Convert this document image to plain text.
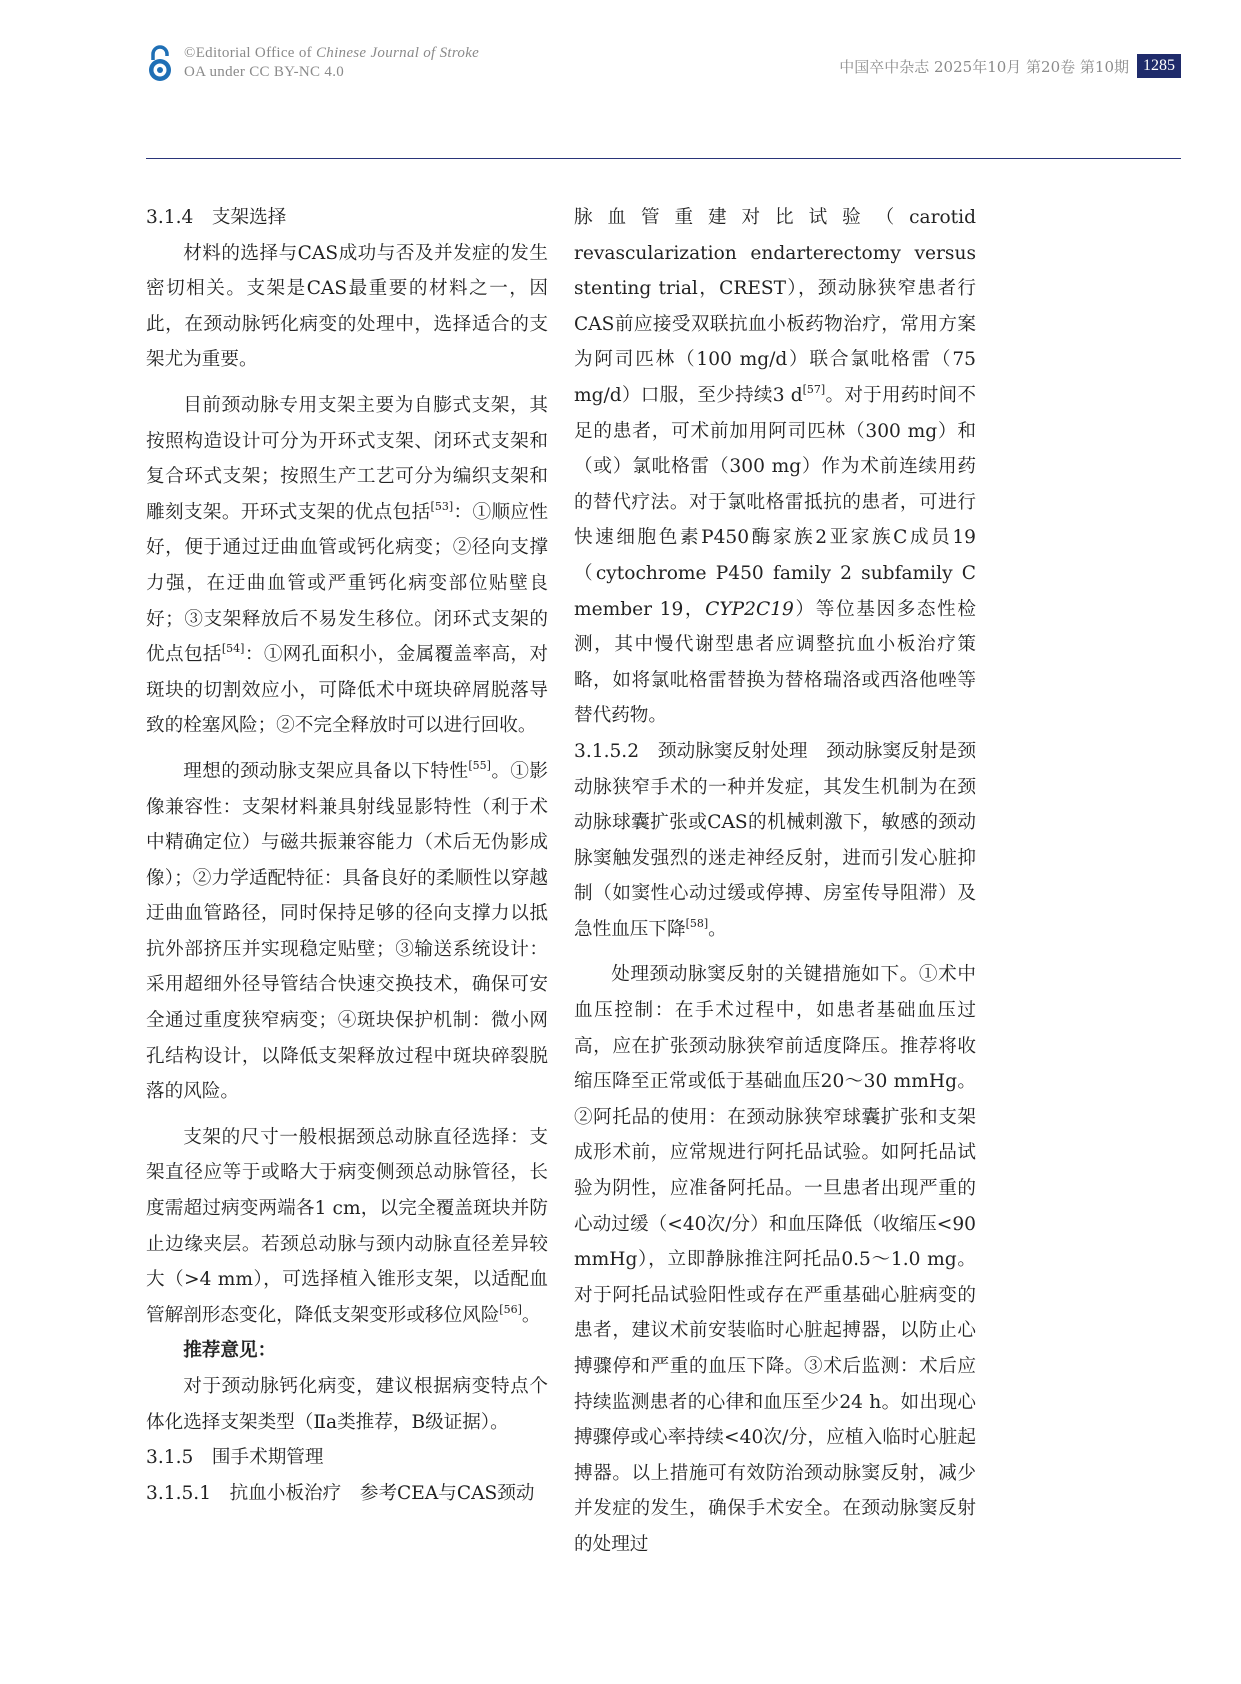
©Editorial Office of Chinese Journal of Stroke
OA under CC BY-NC 4.0	中国卒中杂志 2025年10月 第20卷 第10期 1285

3.1.4　 支架选择

材料的选择与CAS成功与否及并发症的发生密切相关。支架是CAS最重要的材料之一，因此，在颈动脉钙化病变的处理中，选择适合的支架尤为重要。

目前颈动脉专用支架主要为自膨式支架，其按照构造设计可分为开环式支架、闭环式支架和复合环式支架；按照生产工艺可分为编织支架和雕刻支架。开环式支架的优点包括[53]：①顺应性好，便于通过迂曲血管或钙化病变；②径向支撑力强，在迂曲血管或严重钙化病变部位贴壁良好；③支架释放后不易发生移位。闭环式支架的优点包括[54]：①网孔面积小，金属覆盖率高，对斑块的切割效应小，可降低术中斑块碎屑脱落导致的栓塞风险；②不完全释放时可以进行回收。

理想的颈动脉支架应具备以下特性[55]。①影像兼容性：支架材料兼具射线显影特性（利于术中精确定位）与磁共振兼容能力（术后无伪影成像）；②力学适配特征：具备良好的柔顺性以穿越迂曲血管路径，同时保持足够的径向支撑力以抵抗外部挤压并实现稳定贴壁；③输送系统设计：采用超细外径导管结合快速交换技术，确保可安全通过重度狭窄病变；④斑块保护机制：微小网孔结构设计，以降低支架释放过程中斑块碎裂脱落的风险。

支架的尺寸一般根据颈总动脉直径选择：支架直径应等于或略大于病变侧颈总动脉管径，长度需超过病变两端各1 cm，以完全覆盖斑块并防止边缘夹层。若颈总动脉与颈内动脉直径差异较大（>4 mm），可选择植入锥形支架，以适配血管解剖形态变化，降低支架变形或移位风险[56]。

推荐意见：

对于颈动脉钙化病变，建议根据病变特点个体化选择支架类型（Ⅱa类推荐，B级证据）。

3.1.5　 围手术期管理

3.1.5.1　 抗血小板治疗　 参考CEA与CAS颈动

脉血管重建对比试验（carotid revascularization endarterectomy versus stenting trial，CREST），颈动脉狭窄患者行CAS前应接受双联抗血小板药物治疗，常用方案为阿司匹林（100 mg/d）联合氯吡格雷（75 mg/d）口服，至少持续3 d[57]。对于用药时间不足的患者，可术前加用阿司匹林（300 mg）和（或）氯吡格雷（300 mg）作为术前连续用药的替代疗法。对于氯吡格雷抵抗的患者，可进行快速细胞色素P450酶家族2亚家族C成员19（cytochrome P450 family 2 subfamily C member 19，CYP2C19）等位基因多态性检测，其中慢代谢型患者应调整抗血小板治疗策略，如将氯吡格雷替换为替格瑞洛或西洛他唑等替代药物。

3.1.5.2　 颈动脉窦反射处理　 颈动脉窦反射是颈动脉狭窄手术的一种并发症，其发生机制为在颈动脉球囊扩张或CAS的机械刺激下，敏感的颈动脉窦触发强烈的迷走神经反射，进而引发心脏抑制（如窦性心动过缓或停搏、房室传导阻滞）及急性血压下降[58]。

处理颈动脉窦反射的关键措施如下。①术中血压控制：在手术过程中，如患者基础血压过高，应在扩张颈动脉狭窄前适度降压。推荐将收缩压降至正常或低于基础血压20～30 mmHg。②阿托品的使用：在颈动脉狭窄球囊扩张和支架成形术前，应常规进行阿托品试验。如阿托品试验为阴性，应准备阿托品。一旦患者出现严重的心动过缓（<40次/分）和血压降低（收缩压<90 mmHg），立即静脉推注阿托品0.5～1.0 mg。对于阿托品试验阳性或存在严重基础心脏病变的患者，建议术前安装临时心脏起搏器，以防止心搏骤停和严重的血压下降。③术后监测：术后应持续监测患者的心律和血压至少24 h。如出现心搏骤停或心率持续<40次/分，应植入临时心脏起搏器。以上措施可有效防治颈动脉窦反射，减少并发症的发生，确保手术安全。在颈动脉窦反射的处理过
